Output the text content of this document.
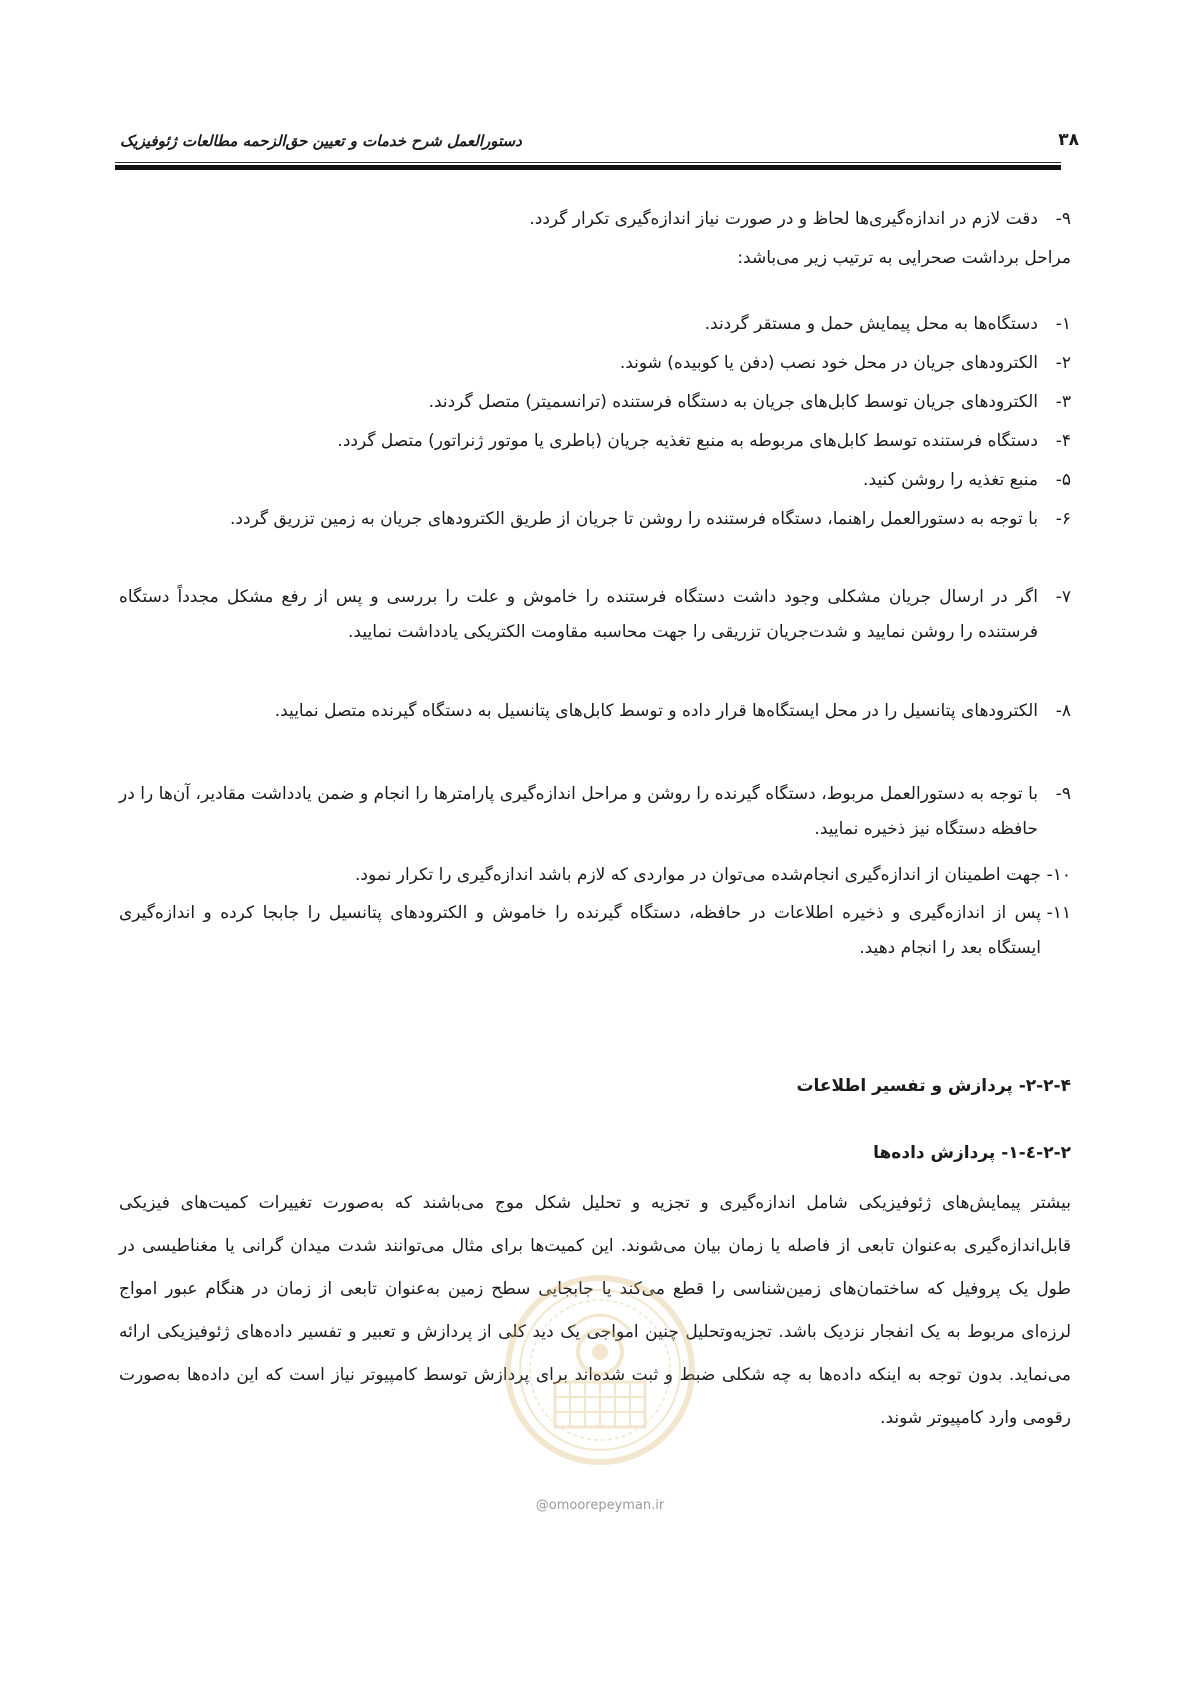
۳۸
دستورالعمل شرح خدمات و تعیین حق‌الزحمه مطالعات ژئوفیزیک
۹-
دقت لازم در اندازه‌گیری‌ها لحاظ و در صورت نیاز اندازه‌گیری تکرار گردد.
مراحل برداشت صحرایی به ترتیب زیر می‌باشد:
۱-
دستگاه‌ها به محل پیمایش حمل و مستقر گردند.
۲-
الکترودهای جریان در محل خود نصب (دفن یا کوبیده) شوند.
۳-
الکترودهای جریان توسط کابل‌های جریان به دستگاه فرستنده (ترانسمیتر) متصل گردند.
۴-
دستگاه فرستنده توسط کابل‌های مربوطه به منبع تغذیه جریان (باطری یا موتور ژنراتور) متصل گردد.
۵-
منبع تغذیه را روشن کنید.
۶-
با توجه به دستورالعمل راهنما، دستگاه فرستنده را روشن تا جریان از طریق الکترودهای جریان به زمین تزریق گردد.
۷-
اگر در ارسال جریان مشکلی وجود داشت دستگاه فرستنده را خاموش و علت را بررسی و پس از رفع مشکل مجدداً دستگاه فرستنده را روشن نمایید و شدت‌جریان تزریقی را جهت محاسبه مقاومت الکتریکی یادداشت نمایید.
۸-
الکترودهای پتانسیل را در محل ایستگاه‌ها قرار داده و توسط کابل‌های پتانسیل به دستگاه گیرنده متصل نمایید.
۹-
با توجه به دستورالعمل مربوط، دستگاه گیرنده را روشن و مراحل اندازه‌گیری پارامترها را انجام و ضمن یادداشت مقادیر، آن‌ها را در حافظه دستگاه نیز ذخیره نمایید.
۱۰-
جهت اطمینان از اندازه‌گیری انجام‌شده می‌توان در مواردی که لازم باشد اندازه‌گیری را تکرار نمود.
۱۱-
پس از اندازه‌گیری و ذخیره اطلاعات در حافظه، دستگاه گیرنده را خاموش و الکترودهای پتانسیل را جابجا کرده و اندازه‌گیری ایستگاه بعد را انجام دهید.
۲-۲-۴- پردازش و تفسیر اطلاعات
۲-۲-٤-۱- پردازش داده‌ها
بیشتر پیمایش‌های ژئوفیزیکی شامل اندازه‌گیری و تجزیه و تحلیل شکل موج می‌باشند که به‌صورت تغییرات کمیت‌های فیزیکی قابل‌اندازه‌گیری به‌عنوان تابعی از فاصله یا زمان بیان می‌شوند. این کمیت‌ها برای مثال می‌توانند شدت میدان گرانی یا مغناطیسی در طول یک پروفیل که ساختمان‌های زمین‌شناسی را قطع می‌کند یا جابجایی سطح زمین به‌عنوان تابعی از زمان در هنگام عبور امواج لرزه‌ای مربوط به یک انفجار نزدیک باشد. تجزیه‌وتحلیل چنین امواجی یک دید کلی از پردازش و تعبیر و تفسیر داده‌های ژئوفیزیکی ارائه می‌نماید. بدون توجه به اینکه داده‌ها به چه شکلی ضبط و ثبت شده‌اند برای پردازش توسط کامپیوتر نیاز است که این داده‌ها به‌صورت رقومی وارد کامپیوتر شوند.
@omoorepeyman.ir
